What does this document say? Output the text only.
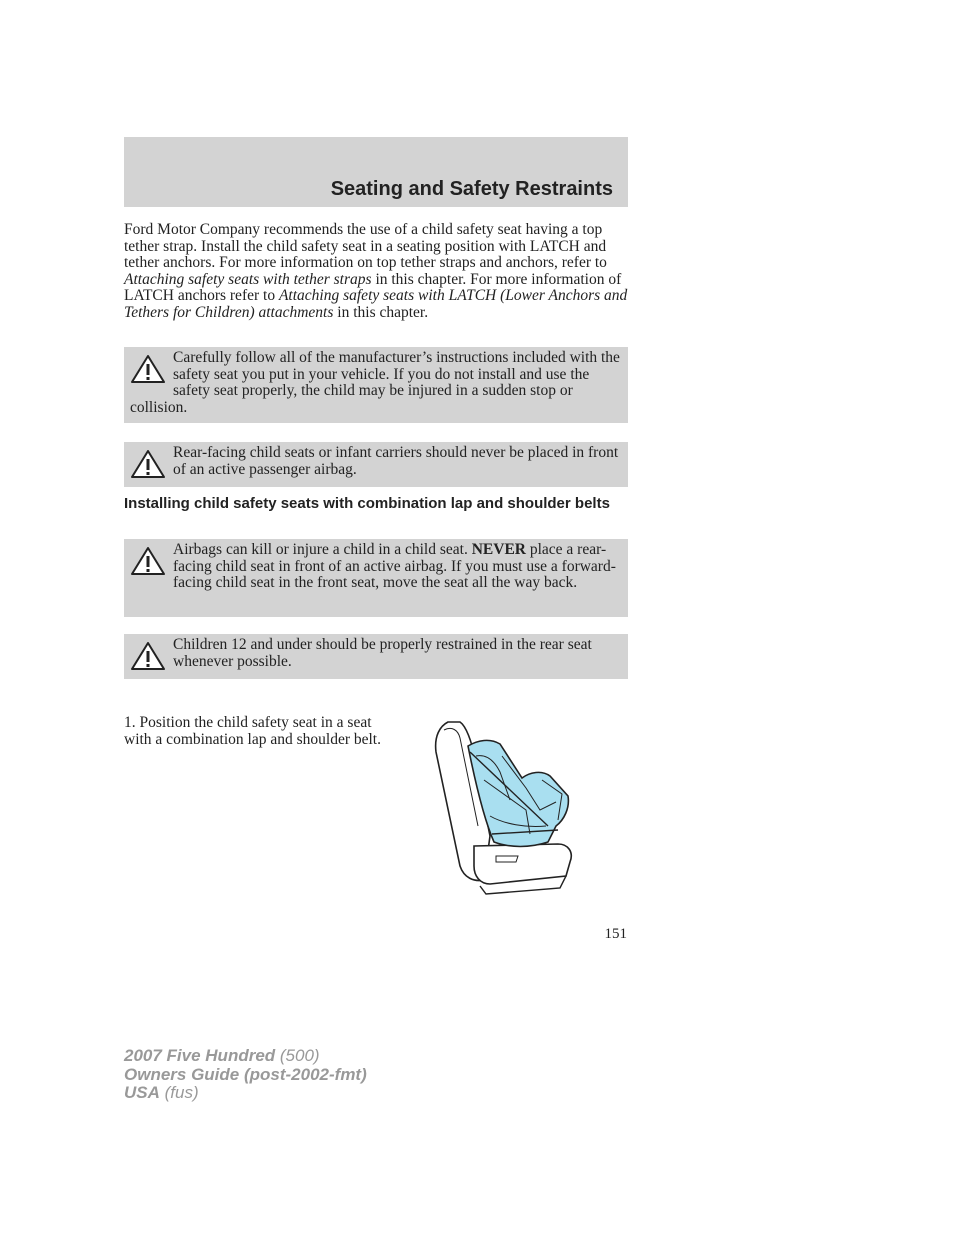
Seating and Safety Restraints
Ford Motor Company recommends the use of a child safety seat having a top tether strap. Install the child safety seat in a seating position with LATCH and tether anchors. For more information on top tether straps and anchors, refer to Attaching safety seats with tether straps in this chapter. For more information of LATCH anchors refer to Attaching safety seats with LATCH (Lower Anchors and Tethers for Children) attachments in this chapter.
Carefully follow all of the manufacturer’s instructions included with the safety seat you put in your vehicle. If you do not install and use the safety seat properly, the child may be injured in a sudden stop or collision.
Rear-facing child seats or infant carriers should never be placed in front of an active passenger airbag.
Installing child safety seats with combination lap and shoulder belts
Airbags can kill or injure a child in a child seat. NEVER place a rear-facing child seat in front of an active airbag. If you must use a forward-facing child seat in the front seat, move the seat all the way back.
Children 12 and under should be properly restrained in the rear seat whenever possible.
1. Position the child safety seat in a seat with a combination lap and shoulder belt.
151
2007 Five Hundred (500)
Owners Guide (post-2002-fmt)
USA (fus)
